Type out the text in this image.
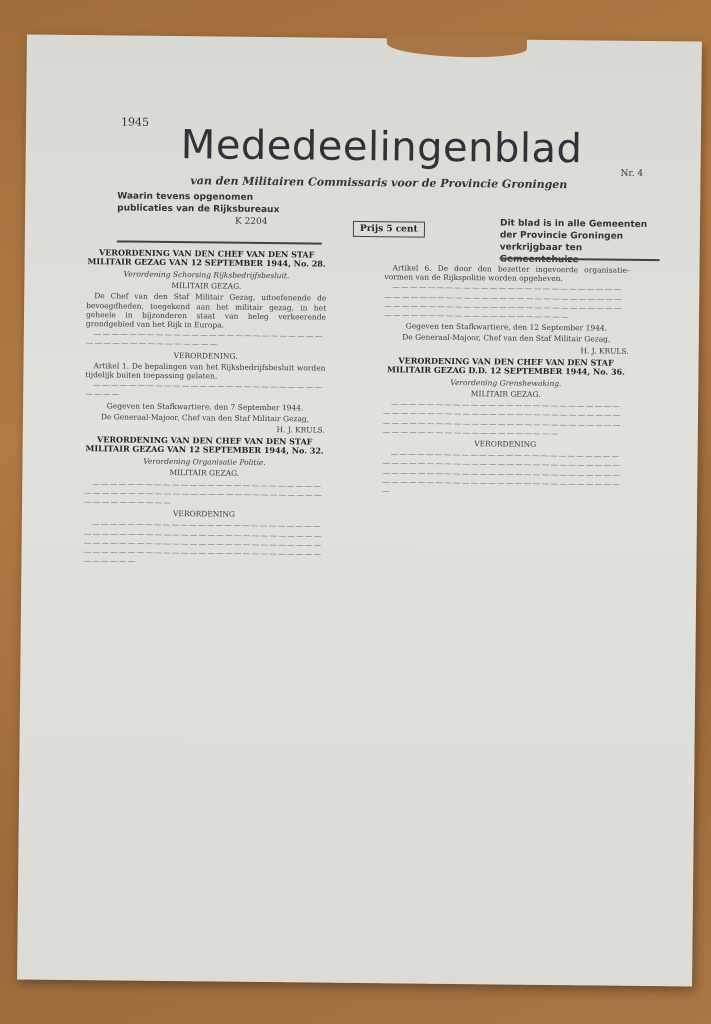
1945 Mededeelingenblad
Nr. 4
van den Militairen Commissaris voor de Provincie Groningen
Waarin tevens opgenomen publicaties van de Rijksbureaux
K 2204
Prijs 5 cent	Dit blad is in alle Gemeenten der Provincie Groningen verkrijgbaar ten Gemeentehuize
VERORDENING VAN DEN CHEF VAN DEN STAF MILITAIR GEZAG VAN 12 SEPTEMBER 1944, No. 28.
Verordening Schorsing Rijksbedrijfsbesluit.
MILITAIR GEZAG.

De Chef van den Staf Militair Gezag, uitoefenende de bevoegdheden, toegekend aan het militair gezag, in het geheele in bijzonderen staat van beleg verkeerende grondgebied van het Rijk in Europa.

— — — — — — — — — — — — — — — — — — — — — — — — — — — — — — — — — — — — — — — — —

VERORDENING.

Artikel 1. De bepalingen van het Rijksbedrijfsbesluit worden tijdelijk buiten toepassing gelaten.

— — — — — — — — — — — — — — — — — — — — — — — — — — — — — —

Gegeven ten Stafkwartiere, den 7 September 1944.
De Generaal-Majoor, Chef van den Staf Militair Gezag,
H. J. KRULS.
VERORDENING VAN DEN CHEF VAN DEN STAF MILITAIR GEZAG VAN 12 SEPTEMBER 1944, No. 32.
Verordening Organisatie Politie.
MILITAIR GEZAG.

— — — — — — — — — — — — — — — — — — — — — — — — — — — — — — — — — — — — — — — — — — — — — — — — — — — — — — — — — — — — — — —

VERORDENING

— — — — — — — — — — — — — — — — — — — — — — — — — — — — — — — — — — — — — — — — — — — — — — — — — — — — — — — — — — — — — — — — — — — — — — — — — — — — — — — — — — — — — — — — — — — — — — — — — — — — — — — — — — — — — — — — —

Artikel 6. De door den bezetter ingevoerde organisatie-vormen van de Rijkspolitie worden opgeheven.

— — — — — — — — — — — — — — — — — — — — — — — — — — — — — — — — — — — — — — — — — — — — — — — — — — — — — — — — — — — — — — — — — — — — — — — — — — — — — — — — — — — — — — — — — — — — — — — — — — — — —

Gegeven ten Stafkwartiere, den 12 September 1944.
De Generaal-Majoor, Chef van den Staf Militair Gezag,
H. J. KRULS.
VERORDENING VAN DEN CHEF VAN DEN STAF MILITAIR GEZAG D.D. 12 SEPTEMBER 1944, No. 36.
Verordening Grenshewaking.
MILITAIR GEZAG.

— — — — — — — — — — — — — — — — — — — — — — — — — — — — — — — — — — — — — — — — — — — — — — — — — — — — — — — — — — — — — — — — — — — — — — — — — — — — — — — — — — — — — — — — — — — — — — — — — — — —

VERORDENING

— — — — — — — — — — — — — — — — — — — — — — — — — — — — — — — — — — — — — — — — — — — — — — — — — — — — — — — — — — — — — — — — — — — — — — — — — — — — — — — — — — — — — — — — — — — — — — — — — — — — — — — — — — — —
